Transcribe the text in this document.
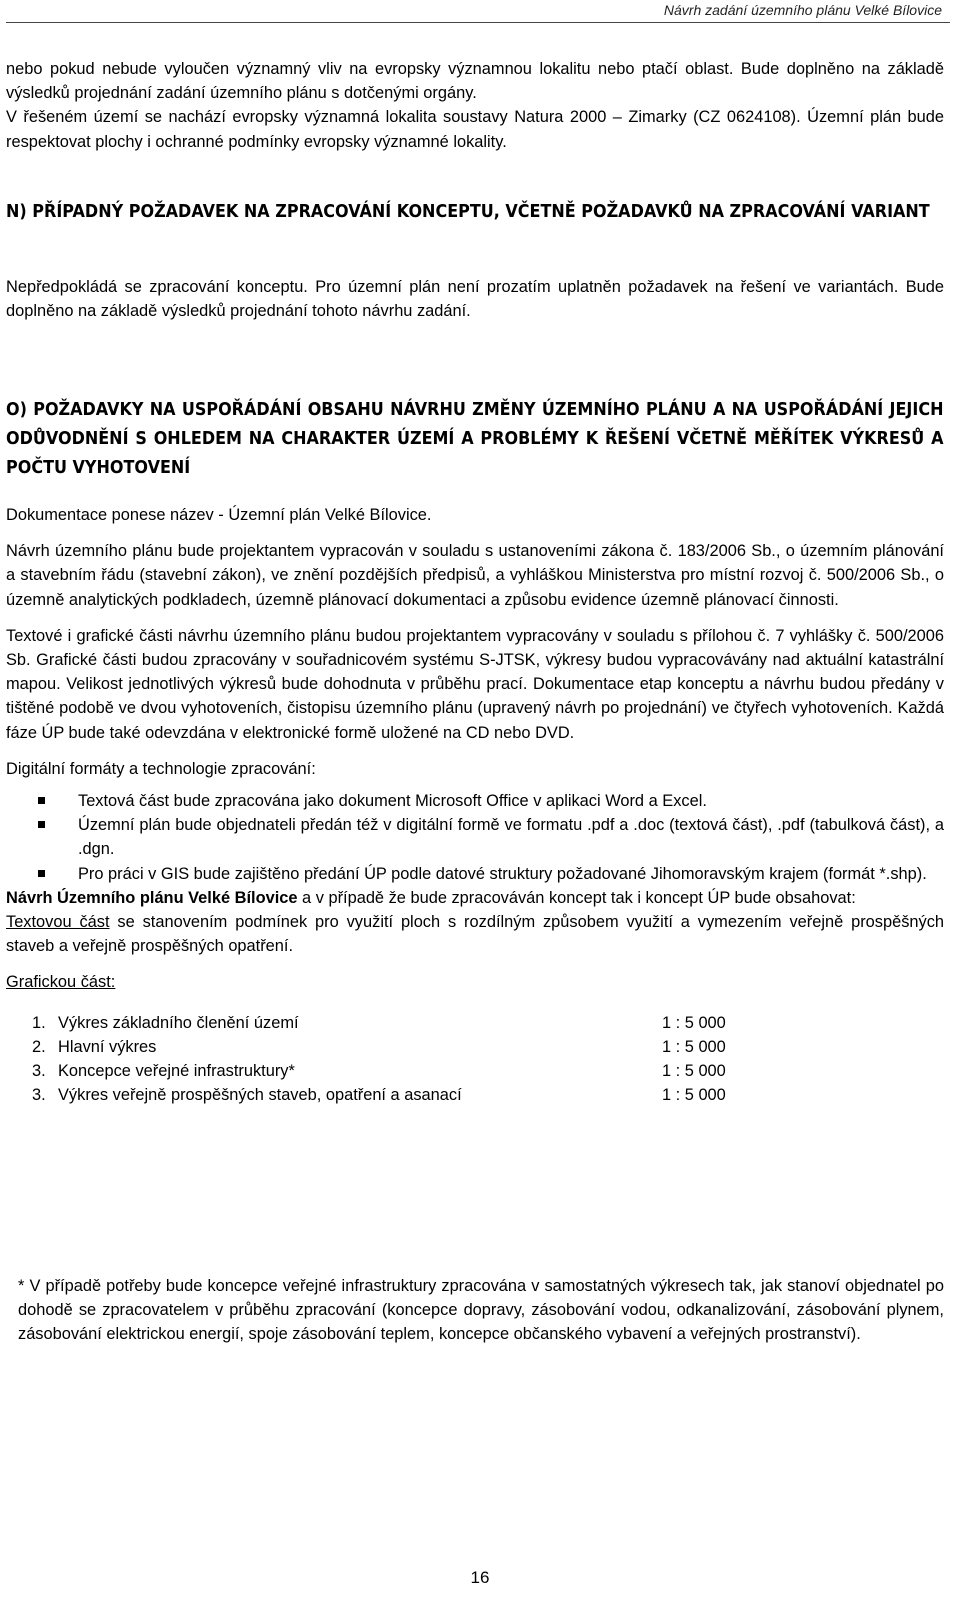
Návrh zadání územního plánu Velké Bílovice

nebo pokud nebude vyloučen významný vliv na evropsky významnou lokalitu nebo ptačí oblast. Bude doplněno na základě výsledků projednání zadání územního plánu s dotčenými orgány.

V řešeném území se nachází evropsky významná lokalita soustavy Natura 2000 – Zimarky (CZ 0624108). Územní plán bude respektovat plochy i ochranné podmínky evropsky významné lokality.

N) PŘÍPADNÝ POŽADAVEK NA ZPRACOVÁNÍ KONCEPTU, VČETNĚ POŽADAVKŮ NA ZPRACOVÁNÍ VARIANT
Nepředpokládá se zpracování konceptu. Pro územní plán není prozatím uplatněn požadavek na řešení ve variantách. Bude doplněno na základě výsledků projednání tohoto návrhu zadání.
O) POŽADAVKY NA USPOŘÁDÁNÍ OBSAHU NÁVRHU ZMĚNY ÚZEMNÍHO PLÁNU A NA USPOŘÁDÁNÍ JEJICH ODŮVODNĚNÍ S OHLEDEM NA CHARAKTER ÚZEMÍ A PROBLÉMY K ŘEŠENÍ VČETNĚ MĚŘÍTEK VÝKRESŮ A POČTU VYHOTOVENÍ

Dokumentace ponese název - Územní plán Velké Bílovice.

Návrh územního plánu bude projektantem vypracován v souladu s ustanoveními zákona č. 183/2006 Sb., o územním plánování a stavebním řádu (stavební zákon), ve znění pozdějších předpisů, a vyhláškou Ministerstva pro místní rozvoj č. 500/2006 Sb., o územně analytických podkladech, územně plánovací dokumentaci a způsobu evidence územně plánovací činnosti.

Textové i grafické části návrhu územního plánu budou projektantem vypracovány v souladu s přílohou č. 7 vyhlášky č. 500/2006 Sb. Grafické části budou zpracovány v souřadnicovém systému S-JTSK, výkresy budou vypracovávány nad aktuální katastrální mapou. Velikost jednotlivých výkresů bude dohodnuta v průběhu prací. Dokumentace etap konceptu a návrhu budou předány v tištěné podobě ve dvou vyhotoveních, čistopisu územního plánu (upravený návrh po projednání) ve čtyřech vyhotoveních. Každá fáze ÚP bude také odevzdána v elektronické formě uložené na CD nebo DVD.

Digitální formáty a technologie zpracování:

Textová část bude zpracována jako dokument Microsoft Office v aplikaci Word a Excel.
Územní plán bude objednateli předán též v digitální formě ve formatu .pdf a .doc (textová část), .pdf (tabulková část), a .dgn.
Pro práci v GIS bude zajištěno předání ÚP podle datové struktury požadované Jihomoravským krajem (formát *.shp).

Návrh Územního plánu Velké Bílovice a v případě že bude zpracováván koncept tak i koncept ÚP bude obsahovat:

Textovou část se stanovením podmínek pro využití ploch s rozdílným způsobem využití a vymezením veřejně prospěšných staveb a veřejně prospěšných opatření.

Grafickou část:

1.	Výkres základního členění území	1 : 5 000
2.	Hlavní výkres	1 : 5 000
3.	Koncepce veřejné infrastruktury*	1 : 5 000
3.	Výkres veřejně prospěšných staveb, opatření a asanací	1 : 5 000
* V případě potřeby bude koncepce veřejné infrastruktury zpracována v samostatných výkresech tak, jak stanoví objednatel po dohodě se zpracovatelem v průběhu zpracování (koncepce dopravy, zásobování vodou, odkanalizování, zásobování plynem, zásobování elektrickou energií, spoje zásobování teplem, koncepce občanského vybavení a veřejných prostranství).
16
